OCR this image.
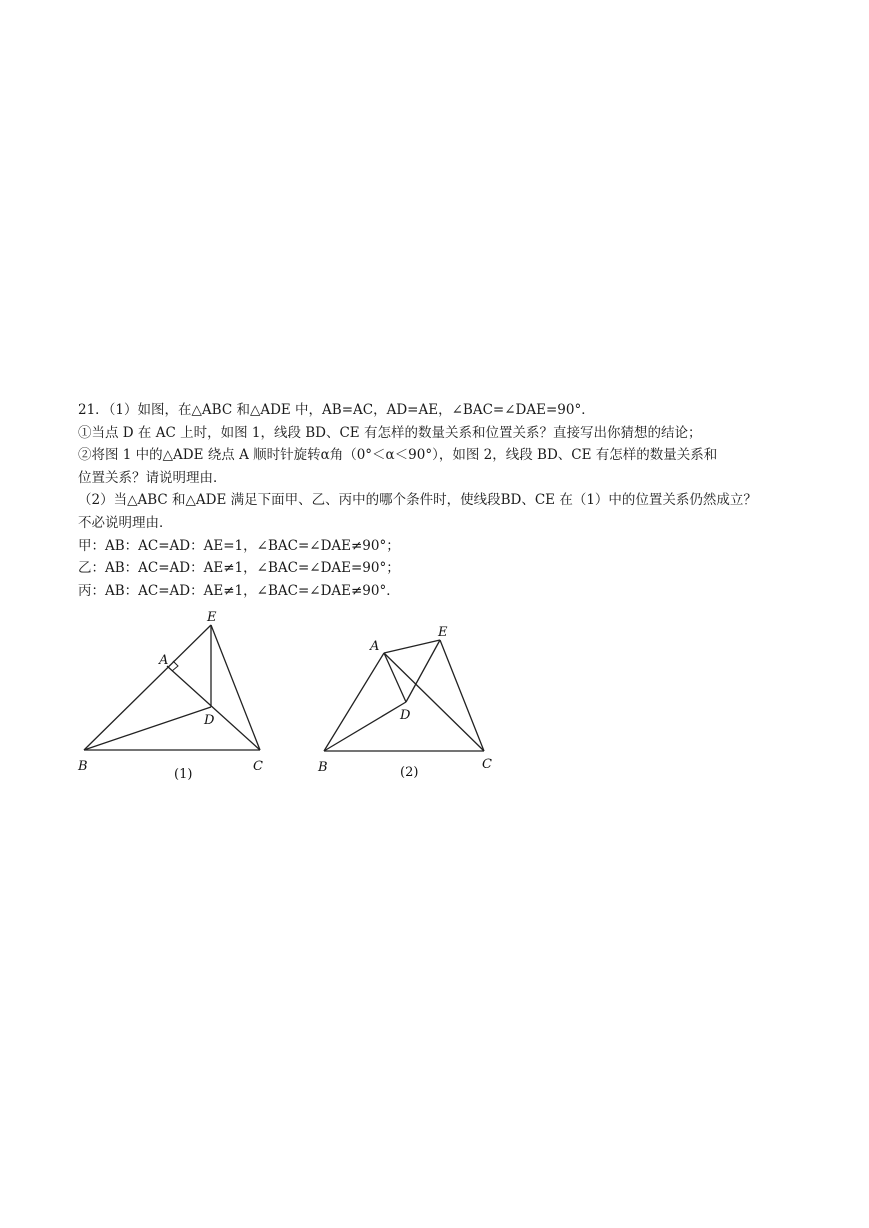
21．（1）如图，在△ABC 和△ADE 中，AB=AC，AD=AE，∠BAC=∠DAE=90°．
①当点 D 在 AC 上时，如图 1，线段 BD、CE 有怎样的数量关系和位置关系？直接写出你猜想的结论；
②将图 1 中的△ADE 绕点 A 顺时针旋转α角（0°＜α＜90°），如图 2，线段 BD、CE 有怎样的数量关系和
位置关系？请说明理由．
（2）当△ABC 和△ADE 满足下面甲、乙、丙中的哪个条件时，使线段BD、CE 在（1）中的位置关系仍然成立？
不必说明理由．
甲：AB：AC=AD：AE=1，∠BAC=∠DAE≠90°；
乙：AB：AC=AD：AE≠1，∠BAC=∠DAE=90°；
丙：AB：AC=AD：AE≠1，∠BAC=∠DAE≠90°．
A
E
D
B	C
(1)
A
E
D
B	C
(2)
